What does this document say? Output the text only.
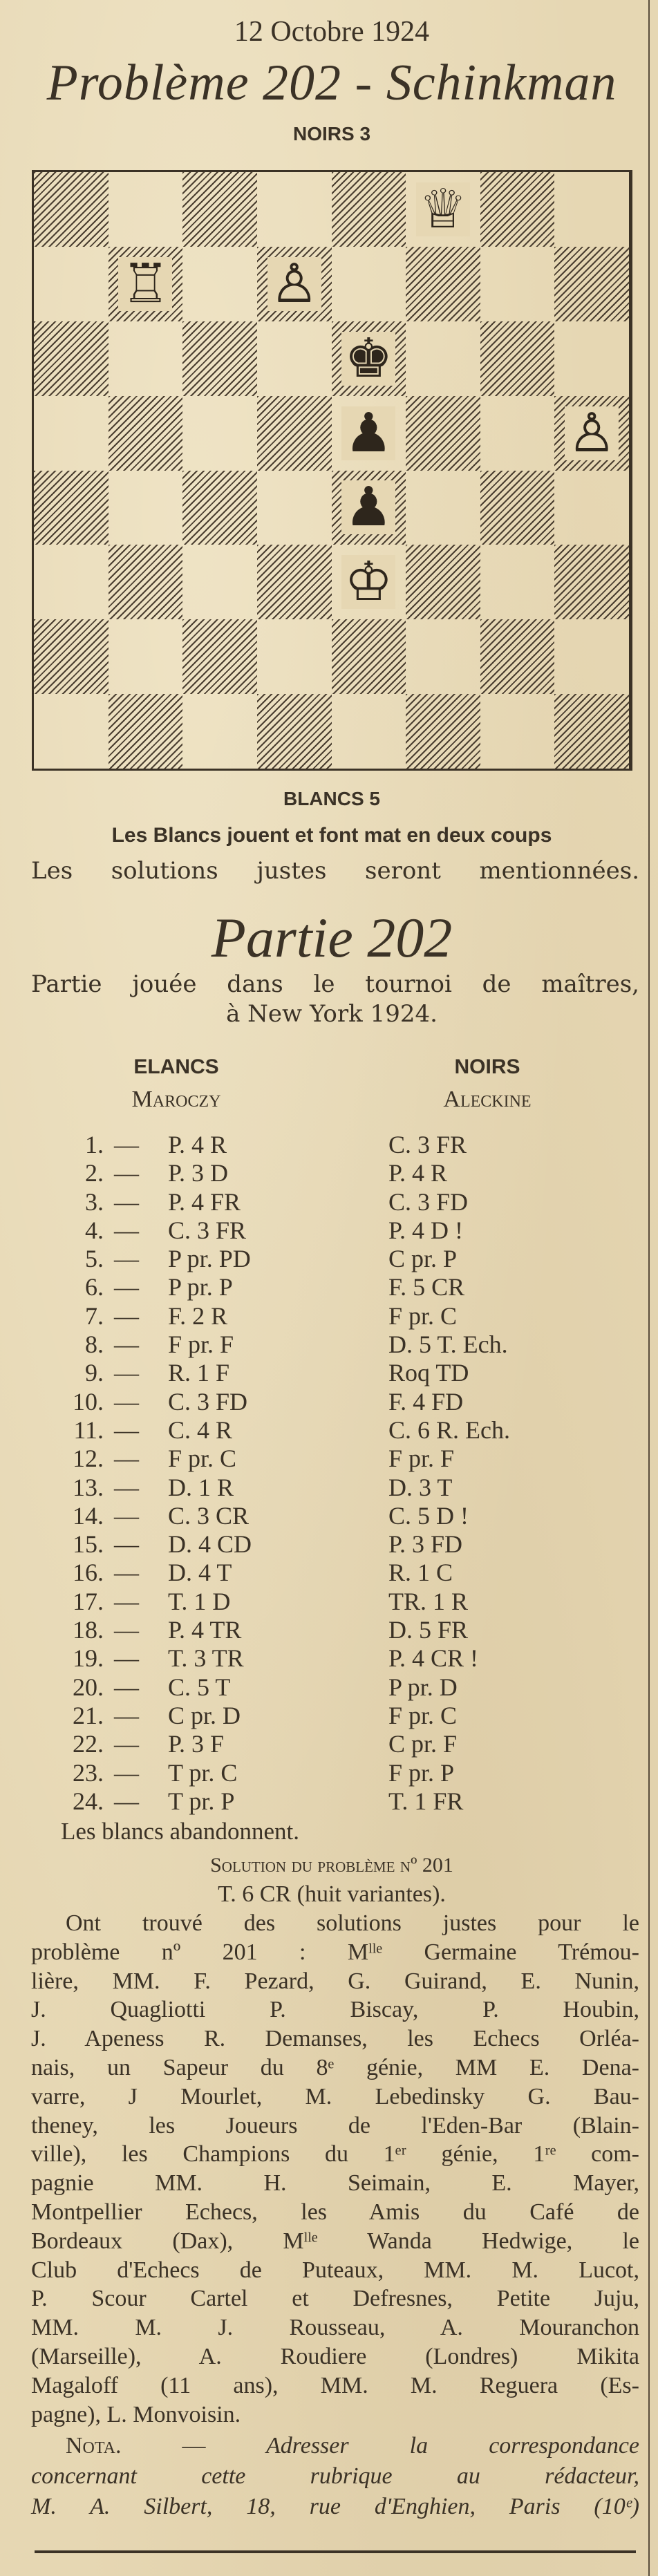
12 Octobre 1924
Problème 202 - Schinkman
NOIRS 3
♕
♖ ♙
♚
♟	♙
♟
♔
BLANCS 5
Les Blancs jouent et font mat en deux coups
Les solutions justes seront mentionnées.
Partie 202
Partie jouée dans le tournoi de maîtres,
à New York 1924.
ELANCS	NOIRS
Maroczy	Aleckine
1. — P. 4 R	C. 3 FR
2. — P. 3 D	P. 4 R
3. — P. 4 FR	C. 3 FD
4. — C. 3 FR	P. 4 D !
5. — P pr. PD	C pr. P
6. — P pr. P	F. 5 CR
7. — F. 2 R	F pr. C
8. — F pr. F	D. 5 T. Ech.
9. — R. 1 F	Roq TD
10. — C. 3 FD	F. 4 FD
11. — C. 4 R	C. 6 R. Ech.
12. — F pr. C	F pr. F
13. — D. 1 R	D. 3 T
14. — C. 3 CR	C. 5 D !
15. — D. 4 CD	P. 3 FD
16. — D. 4 T	R. 1 C
17. — T. 1 D	TR. 1 R
18. — P. 4 TR	D. 5 FR
19. — T. 3 TR	P. 4 CR !
20. — C. 5 T	P pr. D
21. — C pr. D	F pr. C
22. — P. 3 F	C pr. F
23. — T pr. C	F pr. P
24. — T pr. P	T. 1 FR
Les blancs abandonnent.
Solution du problème nº 201
T. 6 CR (huit variantes).
Ont trouvé des solutions justes pour le
problème nº 201 : Mˡˡᵉ Germaine Trémou-
lière, MM. F. Pezard, G. Guirand, E. Nunin,
J. Quagliotti P. Biscay, P. Houbin,
J. Apeness R. Demanses, les Echecs Orléa-
nais, un Sapeur du 8ᵉ génie, MM E. Dena-
varre, J Mourlet, M. Lebedinsky G. Bau-
theney, les Joueurs de l'Eden-Bar (Blain-
ville), les Champions du 1ᵉʳ génie, 1ʳᵉ com-
pagnie MM. H. Seimain, E. Mayer,
Montpellier Echecs, les Amis du Café de
Bordeaux (Dax), Mˡˡᵉ Wanda Hedwige, le
Club d'Echecs de Puteaux, MM. M. Lucot,
P. Scour Cartel et Defresnes, Petite Juju,
MM. M. J. Rousseau, A. Mouranchon
(Marseille), A. Roudiere (Londres) Mikita
Magaloff (11 ans), MM. M. Reguera (Es-
pagne), L. Monvoisin.
Nota. —	Adresser la correspondance
concernant cette rubrique au rédacteur,
M. A. Silbert, 18, rue d'Enghien, Paris (10ᵉ)
